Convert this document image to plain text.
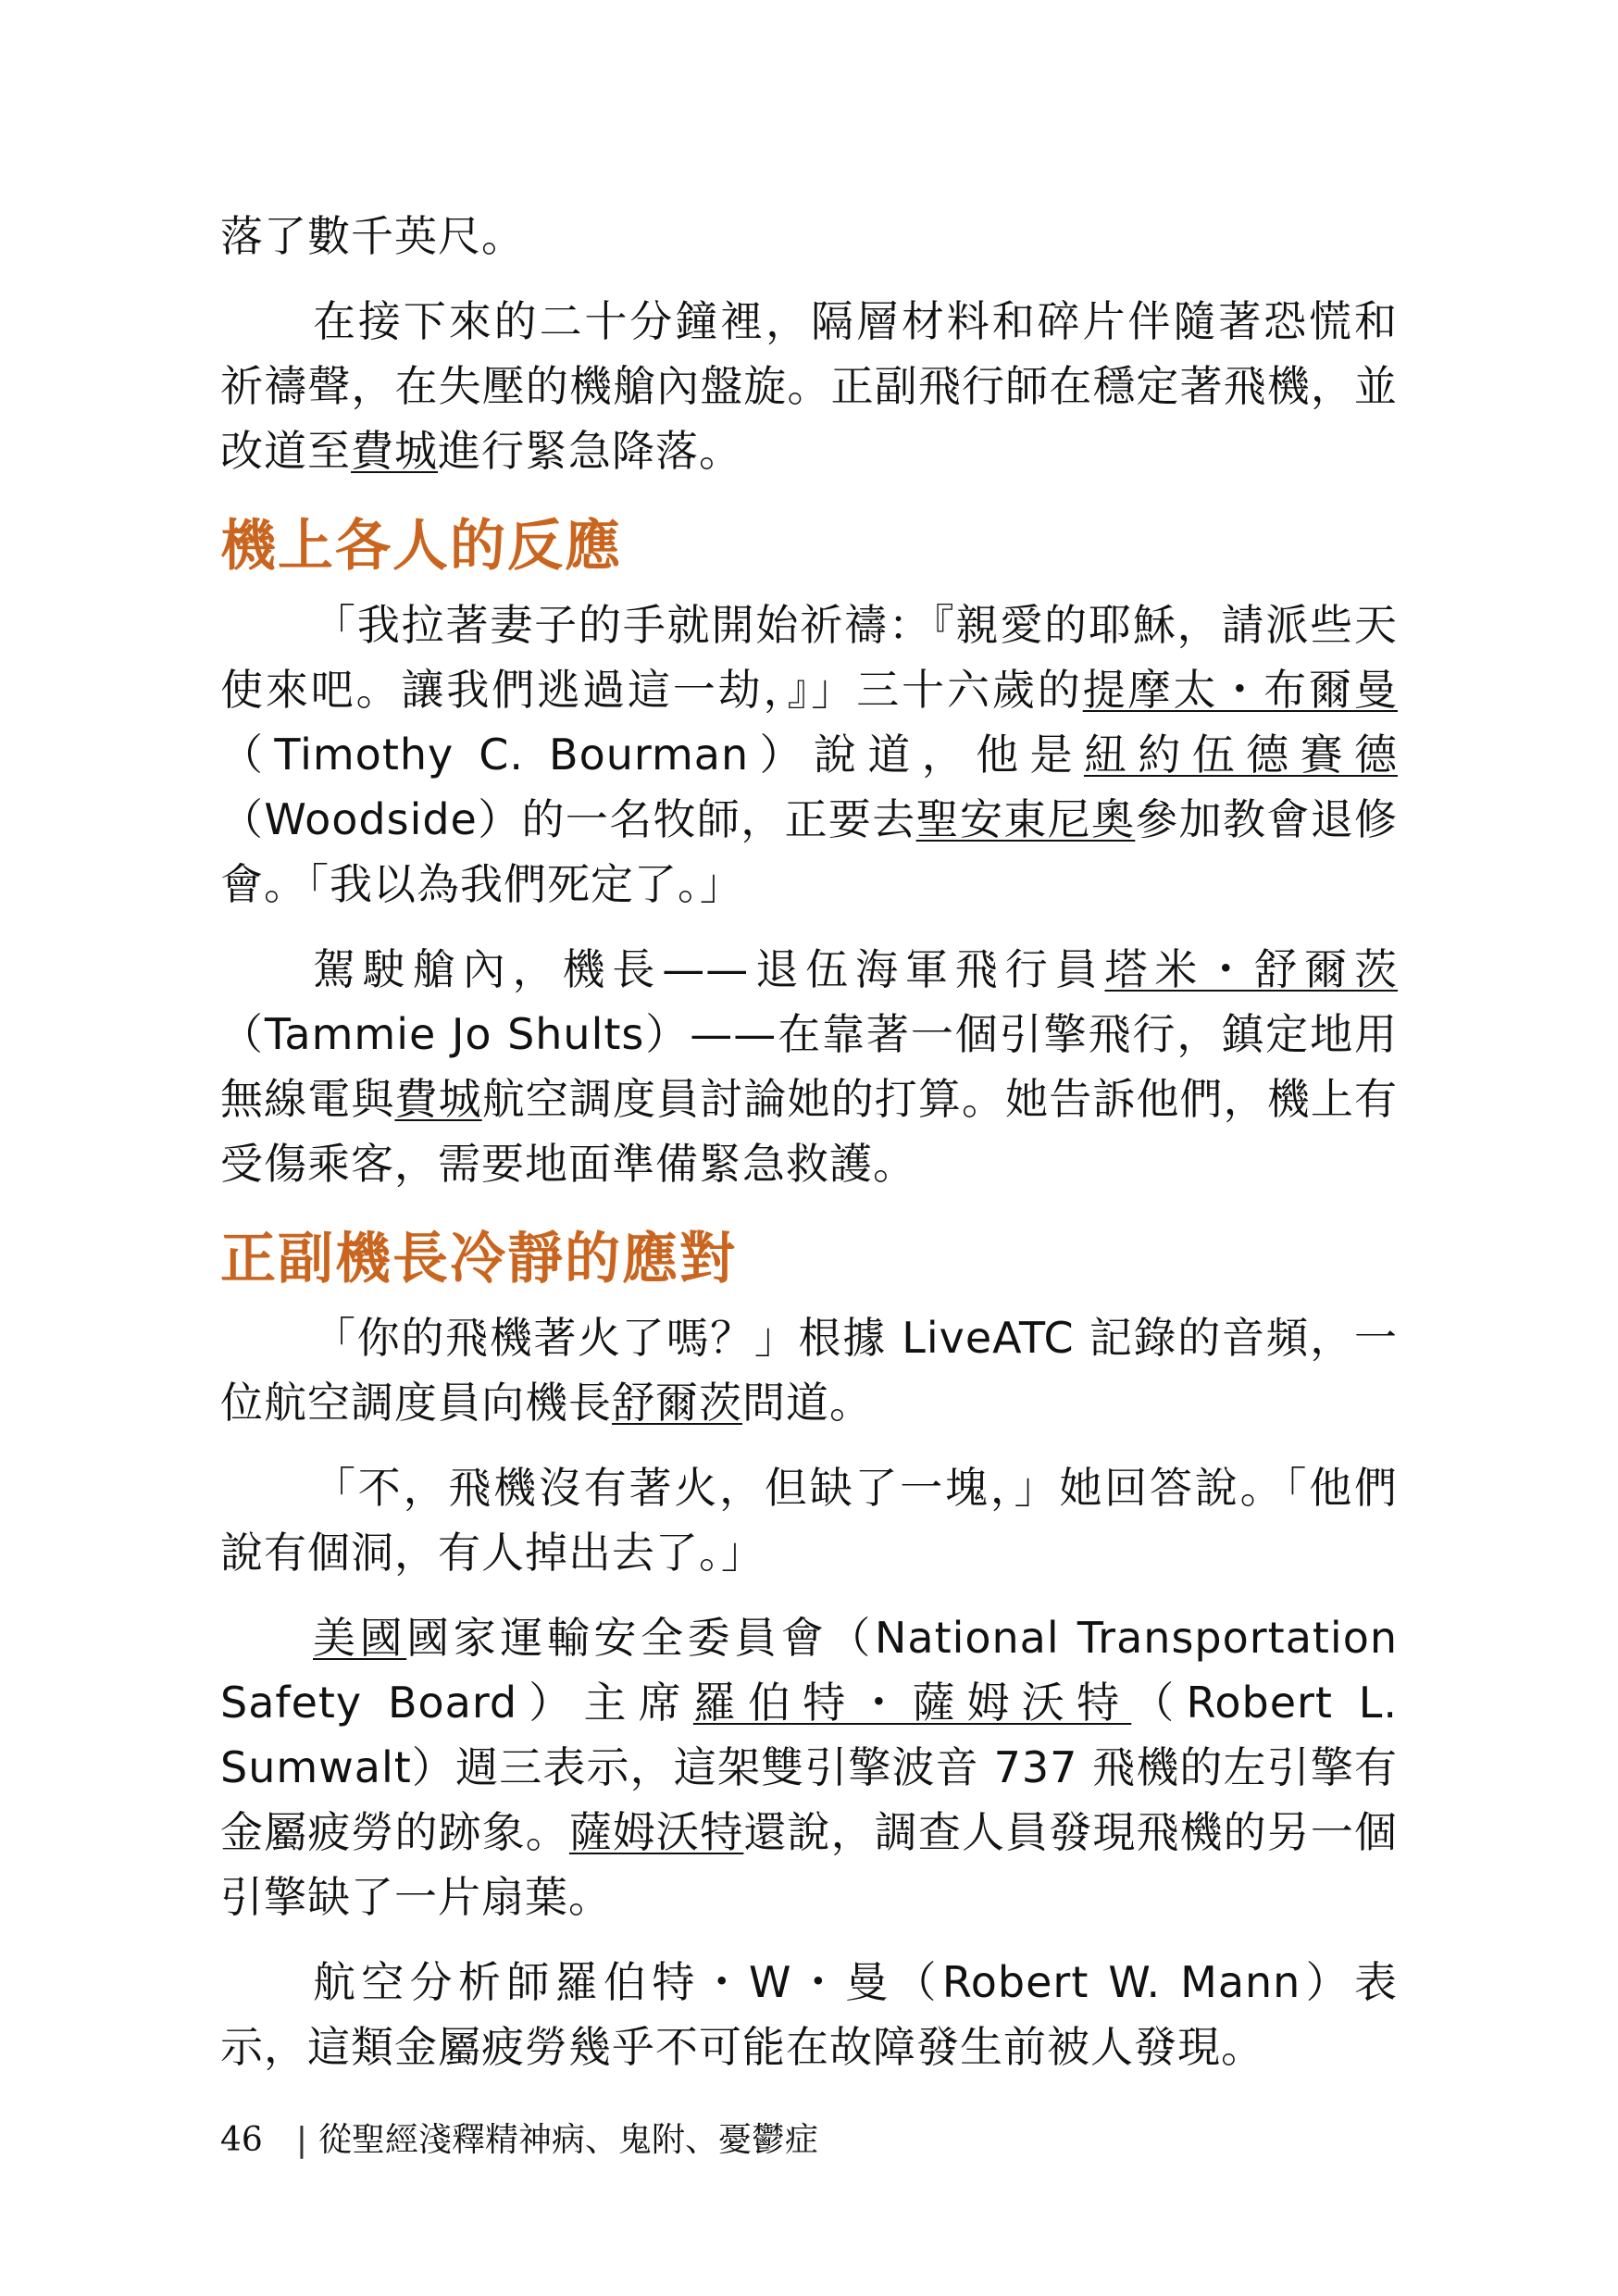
落了數千英尺。

在接下來的二十分鐘裡，隔層材料和碎片伴隨著恐慌和祈禱聲，在失壓的機艙內盤旋。正副飛行師在穩定著飛機，並改道至費城進行緊急降落。

機上各人的反應

「我拉著妻子的手就開始祈禱：『親愛的耶穌，請派些天使來吧。讓我們逃過這一劫，』」三十六歲的提摩太・布爾曼（Timothy C. Bourman）說道，他是紐約伍德賽德（Woodside）的一名牧師，正要去聖安東尼奧參加教會退修會。「我以為我們死定了。」

駕駛艙內，機長——退伍海軍飛行員塔米・舒爾茨（Tammie Jo Shults）——在靠著一個引擎飛行，鎮定地用無線電與費城航空調度員討論她的打算。她告訴他們，機上有受傷乘客，需要地面準備緊急救護。

正副機長冷靜的應對

「你的飛機著火了嗎？」根據 LiveATC 記錄的音頻，一位航空調度員向機長舒爾茨問道。

「不，飛機沒有著火，但缺了一塊，」她回答說。「他們說有個洞，有人掉出去了。」

美國國家運輸安全委員會（National Transportation Safety Board）主席羅伯特・薩姆沃特（Robert L. Sumwalt）週三表示，這架雙引擎波音 737 飛機的左引擎有金屬疲勞的跡象。薩姆沃特還說，調查人員發現飛機的另一個引擎缺了一片扇葉。

航空分析師羅伯特・W・曼（Robert W. Mann）表示，這類金屬疲勞幾乎不可能在故障發生前被人發現。

46 | 從聖經淺釋精神病、鬼附、憂鬱症
